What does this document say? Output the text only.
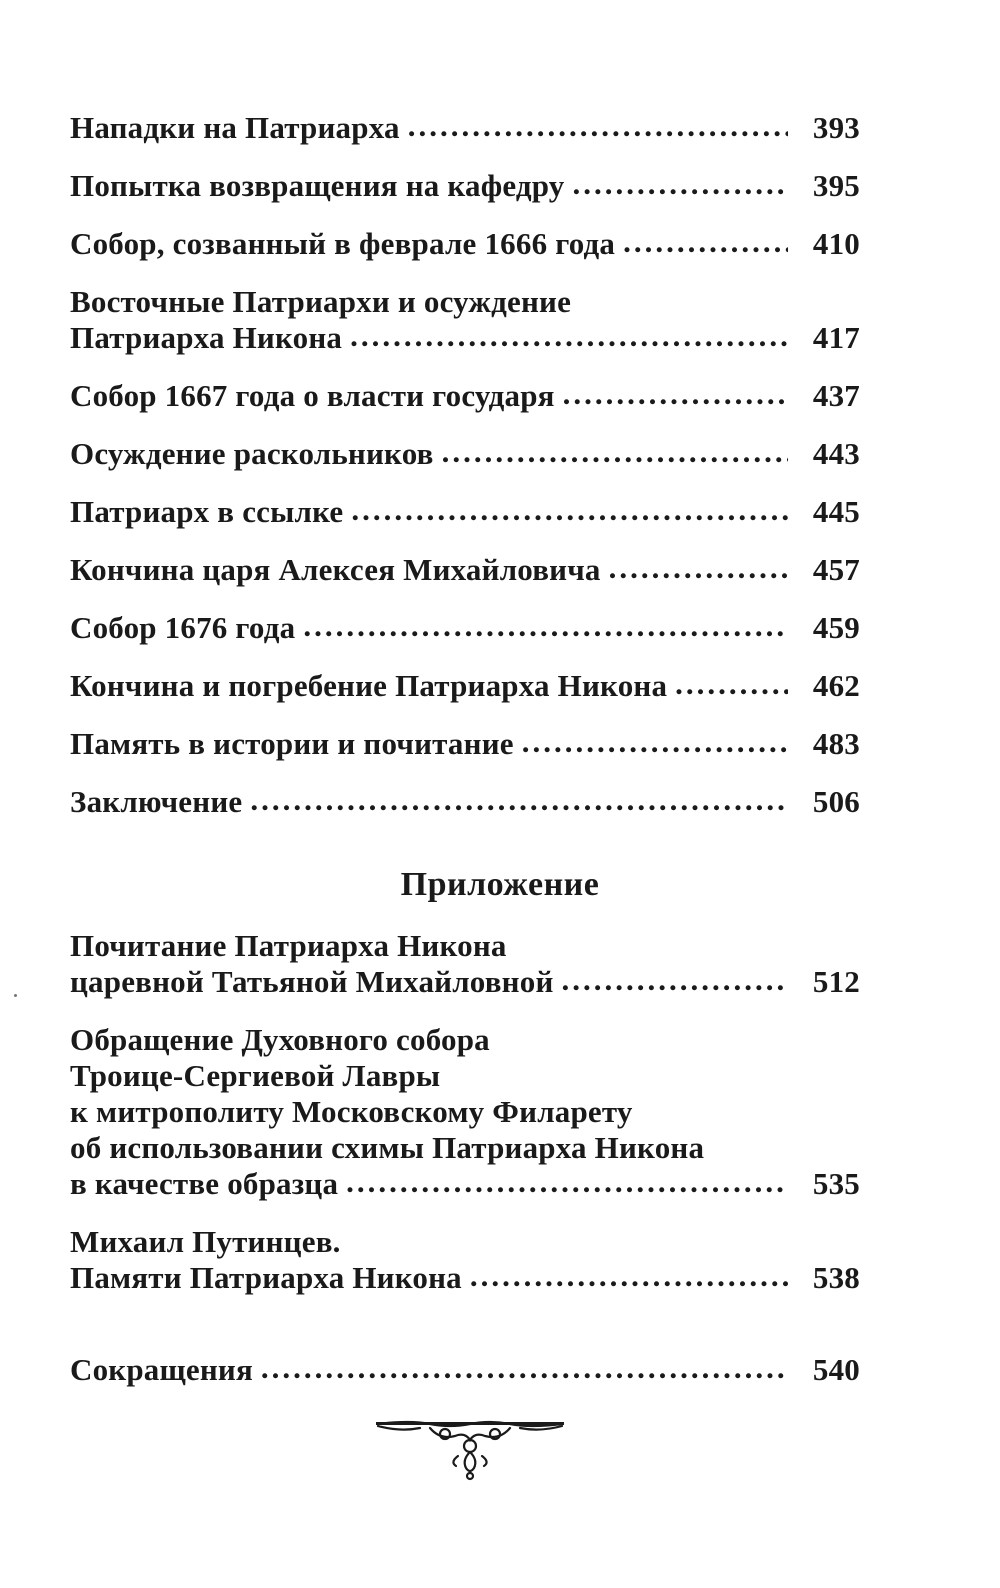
Нападки на Патриарха .....	393
Попытка возвращения на кафедру .....	395
Собор, созванный в феврале 1666 года .....	410
Восточные Патриархи и осуждение
Патриарха Никона .....	417
Собор 1667 года о власти государя .....	437
Осуждение раскольников .....	443
Патриарх в ссылке .....	445
Кончина царя Алексея Михайловича .....	457
Собор 1676 года .....	459
Кончина и погребение Патриарха Никона .....	462
Память в истории и почитание .....	483
Заключение .....	506
Приложение
Почитание Патриарха Никона
царевной Татьяной Михайловной .....	512
Обращение Духовного собора
Троице-Сергиевой Лавры
к митрополиту Московскому Филарету
об использовании схимы Патриарха Никона
в качестве образца .....	535
Михаил Путинцев.
Памяти Патриарха Никона .....	538
Сокращения .....	540
